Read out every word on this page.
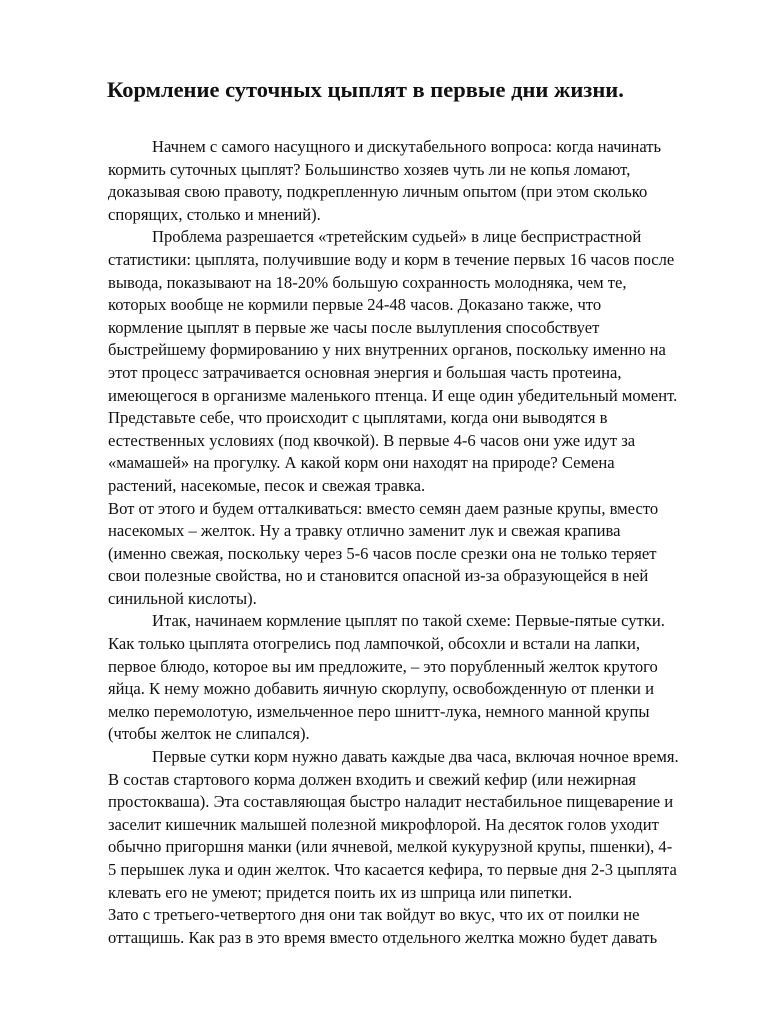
Кормление суточных цыплят в первые дни жизни.
Начнем с самого насущного и дискутабельного вопроса: когда начинать
кормить суточных цыплят? Большинство хозяев чуть ли не копья ломают,
доказывая свою правоту, подкрепленную личным опытом (при этом сколько
спорящих, столько и мнений).
Проблема разрешается «третейским судьей» в лице беспристрастной
статистики: цыплята, получившие воду и корм в течение первых 16 часов после
вывода, показывают на 18-20% большую сохранность молодняка, чем те,
которых вообще не кормили первые 24-48 часов. Доказано также, что
кормление цыплят в первые же часы после вылупления способствует
быстрейшему формированию у них внутренних органов, поскольку именно на
этот процесс затрачивается основная энергия и большая часть протеина,
имеющегося в организме маленького птенца. И еще один убедительный момент.
Представьте себе, что происходит с цыплятами, когда они выводятся в
естественных условиях (под квочкой). В первые 4-6 часов они уже идут за
«мамашей» на прогулку. А какой корм они находят на природе? Семена
растений, насекомые, песок и свежая травка.
Вот от этого и будем отталкиваться: вместо семян даем разные крупы, вместо
насекомых – желток. Ну а травку отлично заменит лук и свежая крапива
(именно свежая, поскольку через 5-6 часов после срезки она не только теряет
свои полезные свойства, но и становится опасной из-за образующейся в ней
синильной кислоты).
Итак, начинаем кормление цыплят по такой схеме: Первые-пятые сутки.
Как только цыплята отогрелись под лампочкой, обсохли и встали на лапки,
первое блюдо, которое вы им предложите, – это порубленный желток крутого
яйца. К нему можно добавить яичную скорлупу, освобожденную от пленки и
мелко перемолотую, измельченное перо шнитт-лука, немного манной крупы
(чтобы желток не слипался).
Первые сутки корм нужно давать каждые два часа, включая ночное время.
В состав стартового корма должен входить и свежий кефир (или нежирная
простокваша). Эта составляющая быстро наладит нестабильное пищеварение и
заселит кишечник малышей полезной микрофлорой. На десяток голов уходит
обычно пригоршня манки (или ячневой, мелкой кукурузной крупы, пшенки), 4-
5 перышек лука и один желток. Что касается кефира, то первые дня 2-3 цыплята
клевать его не умеют; придется поить их из шприца или пипетки.
Зато с третьего-четвертого дня они так войдут во вкус, что их от поилки не
оттащишь. Как раз в это время вместо отдельного желтка можно будет давать
